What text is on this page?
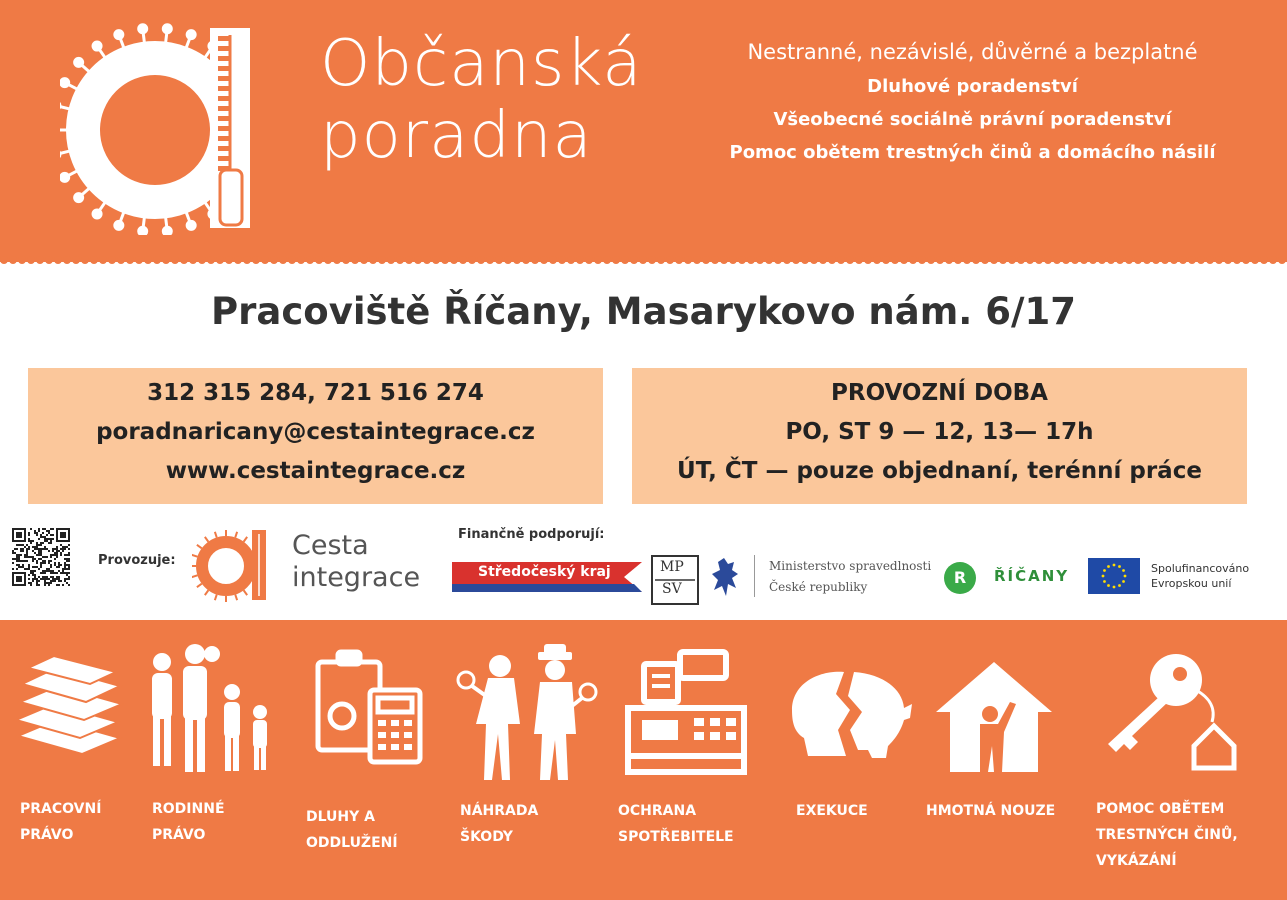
Občanská
poradna
Nestranné, nezávislé, důvěrné a bezplatné
Dluhové poradenství
Všeobecné sociálně právní poradenství
Pomoc obětem trestných činů a domácího násilí
Pracoviště Říčany, Masarykovo nám. 6/17
312 315 284, 721 516 274
poradnaricany@cestaintegrace.cz
www.cestaintegrace.cz
PROVOZNÍ DOBA
PO, ST 9 — 12, 13— 17h
ÚT, ČT — pouze objednaní, terénní práce
Provozuje:	Cesta
integrace
Finančně podporují:
Středočeský kraj	MP
SV
Ministerstvo spravedlnosti
České republiky	R	ŘÍČANY	Spolufinancováno
Evropskou unií
PRACOVNÍ
PRÁVO
RODINNÉ
PRÁVO
DLUHY A
ODDLUŽENÍ
NÁHRADA
ŠKODY
OCHRANA
SPOTŘEBITELE
EXEKUCE	HMOTNÁ NOUZE	POMOC OBĚTEM
TRESTNÝCH ČINŮ,
VYKÁZÁNÍ
